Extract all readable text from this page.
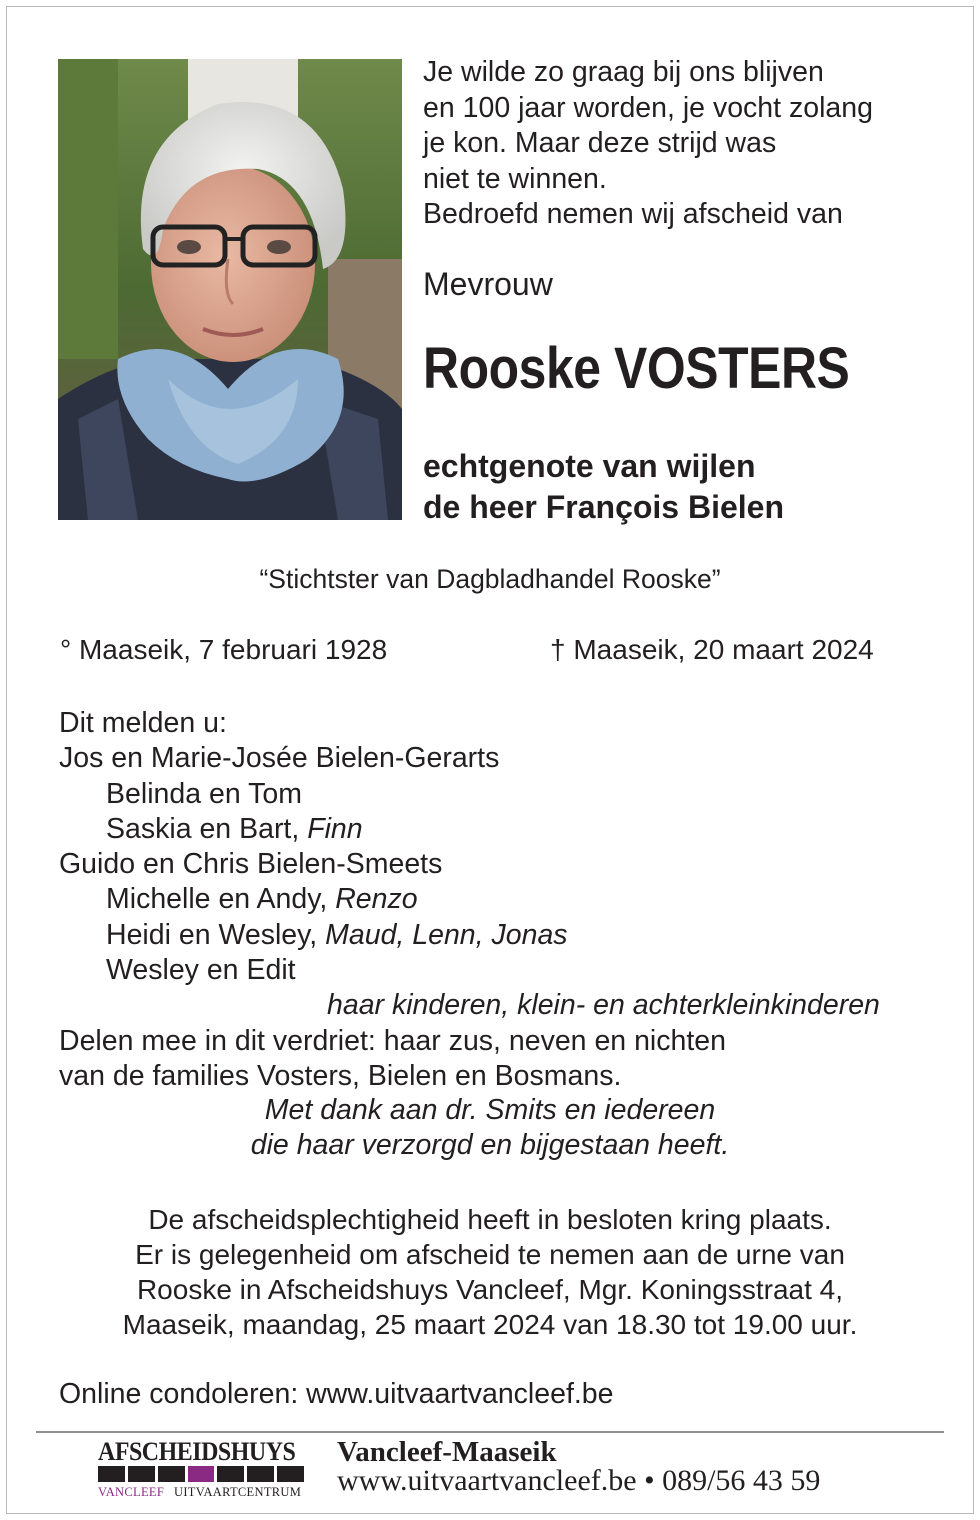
Je wilde zo graag bij ons blijven
en 100 jaar worden, je vocht zolang
je kon. Maar deze strijd was
niet te winnen.
Bedroefd nemen wij afscheid van
Mevrouw
Rooske VOSTERS
echtgenote van wijlen
de heer François Bielen
“Stichtster van Dagbladhandel Rooske”
° Maaseik, 7 februari 1928	† Maaseik, 20 maart 2024
Dit melden u:
Jos en Marie-Josée Bielen-Gerarts
Belinda en Tom
Saskia en Bart, Finn
Guido en Chris Bielen-Smeets
Michelle en Andy, Renzo
Heidi en Wesley, Maud, Lenn, Jonas
Wesley en Edit
haar kinderen, klein- en achterkleinkinderen
Delen mee in dit verdriet: haar zus, neven en nichten
van de families Vosters, Bielen en Bosmans.
Met dank aan dr. Smits en iedereen
die haar verzorgd en bijgestaan heeft.
De afscheidsplechtigheid heeft in besloten kring plaats.
Er is gelegenheid om afscheid te nemen aan de urne van
Rooske in Afscheidshuys Vancleef, Mgr. Koningsstraat 4,
Maaseik, maandag, 25 maart 2024 van 18.30 tot 19.00 uur.
Online condoleren: www.uitvaartvancleef.be
AFSCHEIDSHUYS
VANCLEEF UITVAARTCENTRUM
Vancleef-Maaseik
www.uitvaartvancleef.be • 089/56 43 59
